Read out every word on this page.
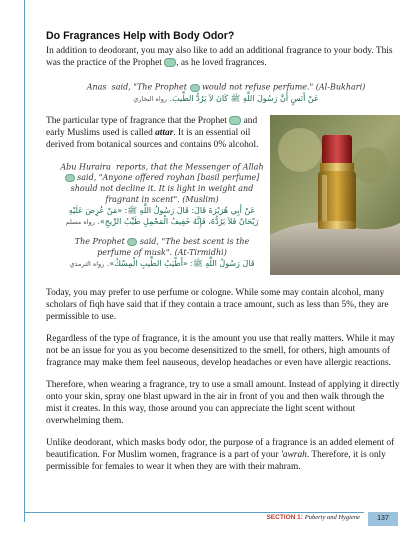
Do Fragrances Help with Body Odor?

In addition to deodorant, you may also like to add an additional fragrance to your body. This was the practice of the Prophet , as he loved fragrances.

Anas said, "The Prophet would not refuse perfume." (Al-Bukhari)
عَنْ أَنَسٍ أَنَّ رَسُولَ اللَّهِ ﷺ كَانَ لاَ يَرُدُّ الطِّيبَ. رواه البخاري

The particular type of fragrance that the Prophet and early Muslims used is called attar. It is an essential oil derived from botanical sources and contains 0% alcohol.

Abu Huraira reports, that the Messenger of Allah  said, "Anyone offered royhan [basil perfume] should not decline it. It is light in weight and fragrant in scent". (Muslim)
عَنْ أَبِي هُرَيْرَةَ قَالَ: قَالَ رَسُولُ اللَّهِ ﷺ: «مَنْ عُرِضَ عَلَيْهِ رَيْحَانٌ فَلاَ يَرُدُّهُ، فَإِنَّهُ خَفِيفُ الْمَحْمِلِ طَيِّبُ الرِّيحِ». رواه مسلم
The Prophet said, "The best scent is the perfume of musk". (At-Tirmidhi)
قَالَ رَسُولُ اللَّهِ ﷺ: «أَطْيَبُ الطِّيبِ الْمِسْكُ». رواه الترمذي

Today, you may prefer to use perfume or cologne. While some may contain alcohol, many scholars of fiqh have said that if they contain a trace amount, such as less than 5%, they are permissible to use.

Regardless of the type of fragrance, it is the amount you use that really matters. While it may not be an issue for you as you become desensitized to the smell, for others, high amounts of fragrance may make them feel nauseous, develop headaches or even have allergic reactions.

Therefore, when wearing a fragrance, try to use a small amount. Instead of applying it directly onto your skin, spray one blast upward in the air in front of you and then walk through the mist it creates. In this way, those around you can appreciate the light scent without overwhelming them.

Unlike deodorant, which masks body odor, the purpose of a fragrance is an added element of beautification. For Muslim women, fragrance is a part of your 'awrah. Therefore, it is only permissible for females to wear it when they are with their mahram.

SECTION 1: Puberty and Hygiene	137
